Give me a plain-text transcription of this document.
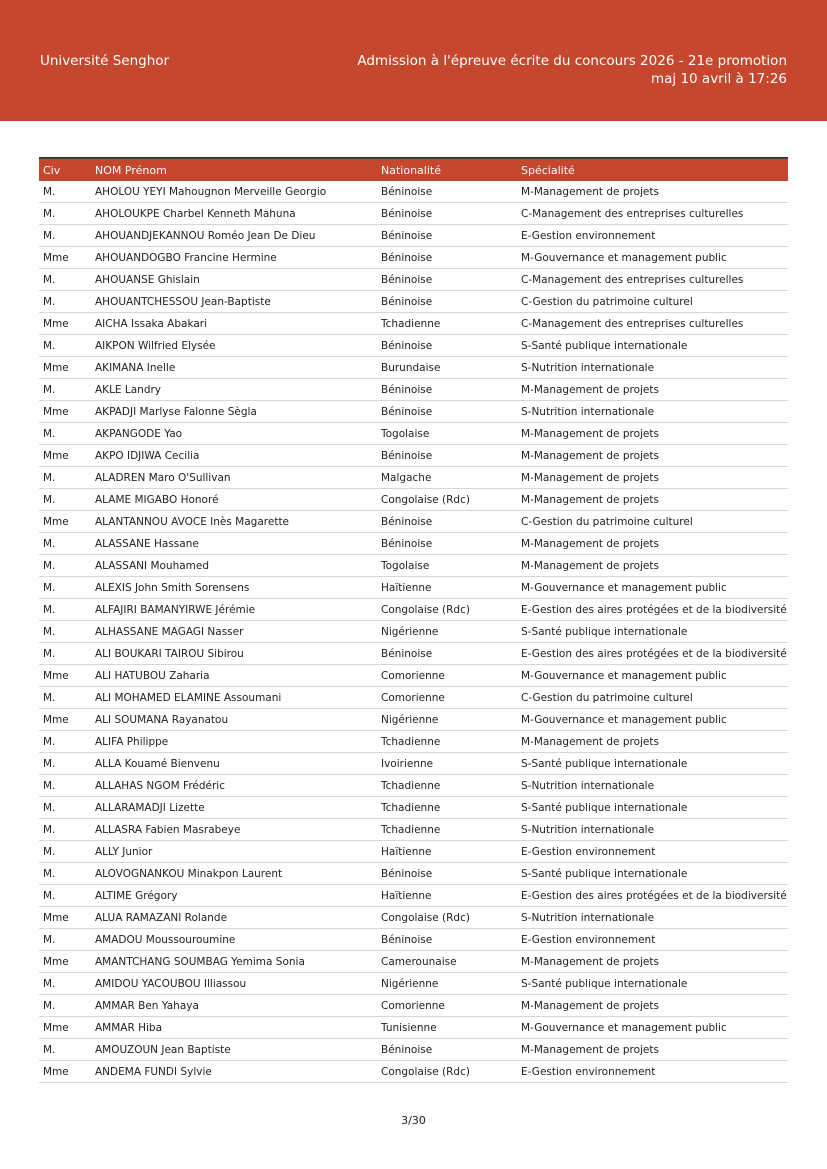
Université Senghor	Admission à l'épreuve écrite du concours 2026 - 21e promotion
maj 10 avril à 17:26
Civ	NOM Prénom	Nationalité	Spécialité
M.	AHOLOU YEYI Mahougnon Merveille Georgio	Béninoise	M-Management de projets
M.	AHOLOUKPE Charbel Kenneth Mahuna	Béninoise	C-Management des entreprises culturelles
M.	AHOUANDJEKANNOU Roméo Jean De Dieu	Béninoise	E-Gestion environnement
Mme	AHOUANDOGBO Francine Hermine	Béninoise	M-Gouvernance et management public
M.	AHOUANSE Ghislain	Béninoise	C-Management des entreprises culturelles
M.	AHOUANTCHESSOU Jean-Baptiste	Béninoise	C-Gestion du patrimoine culturel
Mme	AICHA Issaka Abakari	Tchadienne	C-Management des entreprises culturelles
M.	AIKPON Wilfried Elysée	Béninoise	S-Santé publique internationale
Mme	AKIMANA Inelle	Burundaise	S-Nutrition internationale
M.	AKLE Landry	Béninoise	M-Management de projets
Mme	AKPADJI Marlyse Falonne Sègla	Béninoise	S-Nutrition internationale
M.	AKPANGODE Yao	Togolaise	M-Management de projets
Mme	AKPO IDJIWA Cecilia	Béninoise	M-Management de projets
M.	ALADREN Maro O'Sullivan	Malgache	M-Management de projets
M.	ALAME MIGABO Honoré	Congolaise (Rdc)	M-Management de projets
Mme	ALANTANNOU AVOCE Inès Magarette	Béninoise	C-Gestion du patrimoine culturel
M.	ALASSANE Hassane	Béninoise	M-Management de projets
M.	ALASSANI Mouhamed	Togolaise	M-Management de projets
M.	ALEXIS John Smith Sorensens	Haïtienne	M-Gouvernance et management public
M.	ALFAJIRI BAMANYIRWE Jérémie	Congolaise (Rdc)	E-Gestion des aires protégées et de la biodiversité
M.	ALHASSANE MAGAGI Nasser	Nigérienne	S-Santé publique internationale
M.	ALI BOUKARI TAIROU Sibirou	Béninoise	E-Gestion des aires protégées et de la biodiversité
Mme	ALI HATUBOU Zaharia	Comorienne	M-Gouvernance et management public
M.	ALI MOHAMED ELAMINE Assoumani	Comorienne	C-Gestion du patrimoine culturel
Mme	ALI SOUMANA Rayanatou	Nigérienne	M-Gouvernance et management public
M.	ALIFA Philippe	Tchadienne	M-Management de projets
M.	ALLA Kouamé Bienvenu	Ivoirienne	S-Santé publique internationale
M.	ALLAHAS NGOM Frédéric	Tchadienne	S-Nutrition internationale
M.	ALLARAMADJI Lizette	Tchadienne	S-Santé publique internationale
M.	ALLASRA Fabien Masrabeye	Tchadienne	S-Nutrition internationale
M.	ALLY Junior	Haïtienne	E-Gestion environnement
M.	ALOVOGNANKOU Minakpon Laurent	Béninoise	S-Santé publique internationale
M.	ALTIME Grégory	Haïtienne	E-Gestion des aires protégées et de la biodiversité
Mme	ALUA RAMAZANI Rolande	Congolaise (Rdc)	S-Nutrition internationale
M.	AMADOU Moussouroumine	Béninoise	E-Gestion environnement
Mme	AMANTCHANG SOUMBAG Yemima Sonia	Camerounaise	M-Management de projets
M.	AMIDOU YACOUBOU Illiassou	Nigérienne	S-Santé publique internationale
M.	AMMAR Ben Yahaya	Comorienne	M-Management de projets
Mme	AMMAR Hiba	Tunisienne	M-Gouvernance et management public
M.	AMOUZOUN Jean Baptiste	Béninoise	M-Management de projets
Mme	ANDEMA FUNDI Sylvie	Congolaise (Rdc)	E-Gestion environnement
3/30
